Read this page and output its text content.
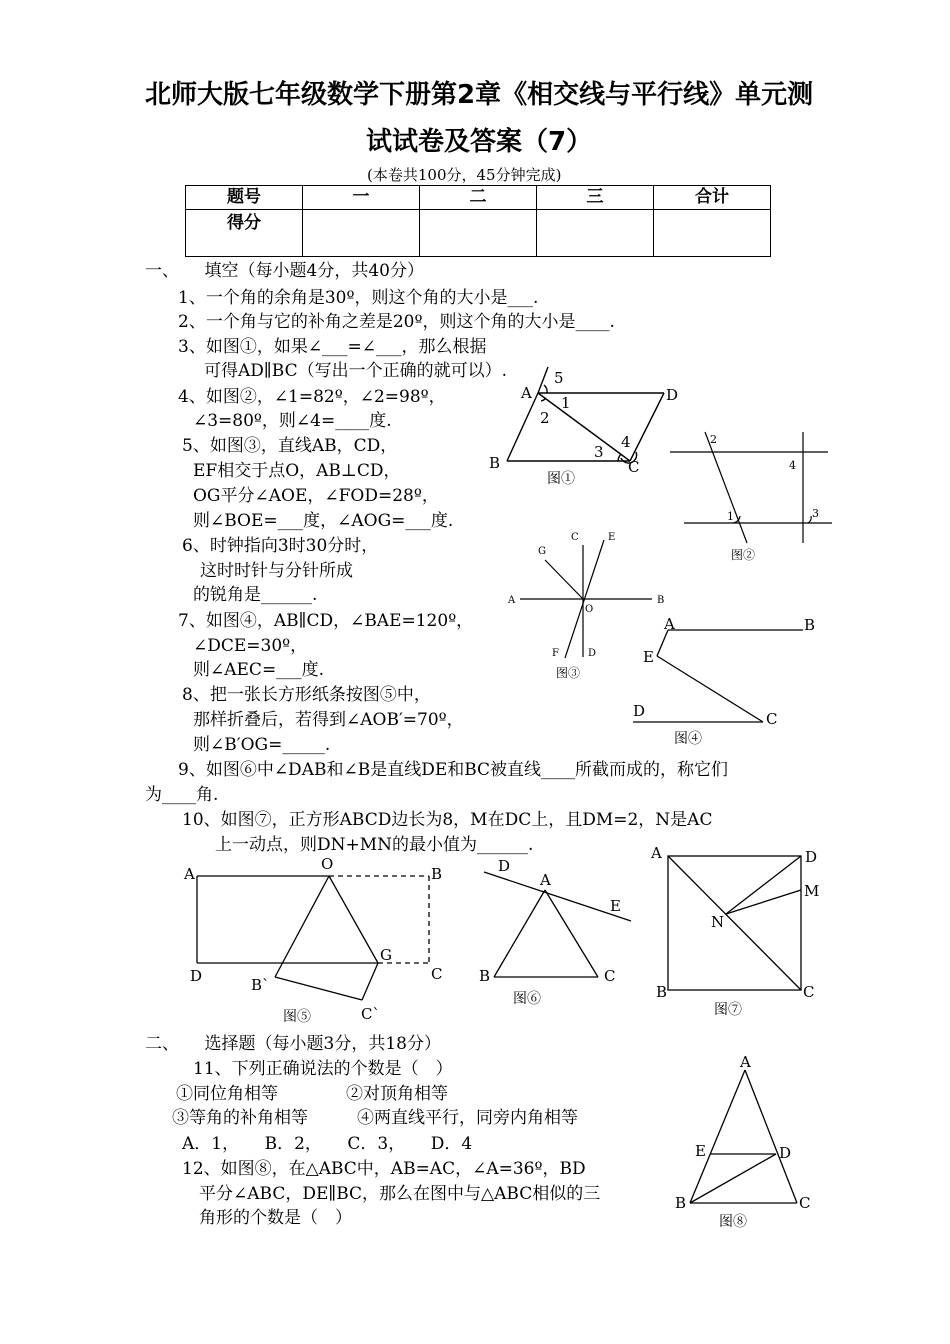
北师大版七年级数学下册第2章《相交线与平行线》单元测
试试卷及答案（7）
(本卷共100分，45分钟完成)
题号	一	二	三	合计
得分				
一、　　填空（每小题4分，共40分）
1、一个角的余角是30º，则这个角的大小是___.
2、一个角与它的补角之差是20º，则这个角的大小是____.
3、如图①，如果∠___=∠___，那么根据
可得AD∥BC（写出一个正确的就可以）.
4、如图②，∠1=82º，∠2=98º，
∠3=80º，则∠4=____度.
5、如图③，直线AB，CD，
EF相交于点O，AB⊥CD，
OG平分∠AOE，∠FOD=28º，
则∠BOE=___度，∠AOG=___度.
6、时钟指向3时30分时，
这时时针与分针所成
的锐角是______.
7、如图④，AB∥CD，∠BAE=120º，
∠DCE=30º，
则∠AEC=___度.
8、把一张长方形纸条按图⑤中，
那样折叠后，若得到∠AOB′=70º，
则∠B′OG=_____.
9、如图⑥中∠DAB和∠B是直线DE和BC被直线____所截而成的，称它们
为____角.
10、如图⑦，正方形ABCD边长为8，M在DC上，且DM=2，N是AC
上一动点，则DN+MN的最小值为______.
二、　　选择题（每小题3分，共18分）
11、下列正确说法的个数是（　）
①同位角相等	②对顶角相等
③等角的补角相等	④两直线平行，同旁内角相等
A．1，　　B．2，　　C．3，　　D．4
12、如图⑧，在△ABC中，AB=AC，∠A=36º，BD
平分∠ABC，DE∥BC，那么在图中与△ABC相似的三
角形的个数是（　）
A	D
B	C
5
1
2
3
4
图①
2
4
1	3
图②
G
C	E
A
O
B
F	D
图③
A	B
E
D	C
图④
A
O
B
D	B`
G
C
C`
图⑤
D
A
E
B	C
图⑥
A	D
M
N
B	C
图⑦
A
E	D
B	C
图⑧
